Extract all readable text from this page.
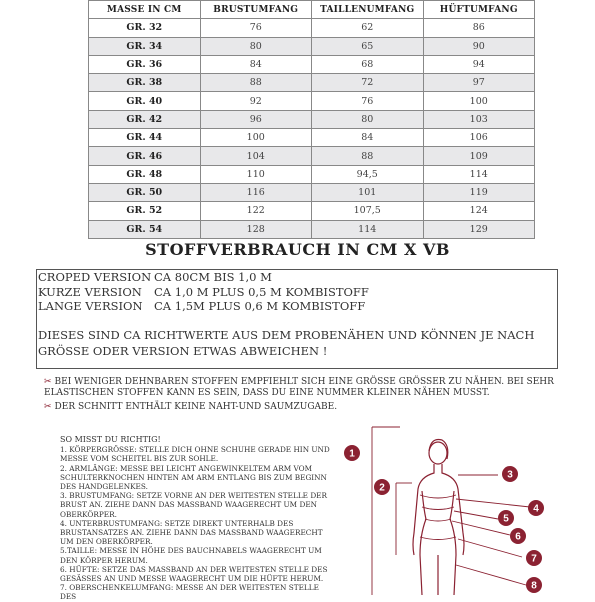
MASSE IN CM	BRUSTUMFANG	TAILLENUMFANG	HÜFTUMFANG
GR. 32	76	62	86
GR. 34	80	65	90
GR. 36	84	68	94
GR. 38	88	72	97
GR. 40	92	76	100
GR. 42	96	80	103
GR. 44	100	84	106
GR. 46	104	88	109
GR. 48	110	94,5	114
GR. 50	116	101	119
GR. 52	122	107,5	124
GR. 54	128	114	129
STOFFVERBRAUCH IN CM X VB
CROPED VERSION CA 80CM BIS 1,0 M
KURZE VERSION CA 1,0 M PLUS 0,5 M KOMBISTOFF
LANGE VERSION CA 1,5M PLUS 0,6 M KOMBISTOFF
DIESES SIND CA RICHTWERTE AUS DEM PROBENÄHEN UND KÖNNEN JE NACH GRÖSSE ODER VERSION ETWAS ABWEICHEN !
✂ BEI WENIGER DEHNBAREN STOFFEN EMPFIEHLT SICH EINE GRÖSSE GRÖSSER ZU NÄHEN. BEI SEHR ELASTISCHEN STOFFEN KANN ES SEIN, DASS DU EINE NUMMER KLEINER NÄHEN MUSST.
✂ DER SCHNITT ENTHÄLT KEINE NAHT-UND SAUMZUGABE.
SO MISST DU RICHTIG!
1. KÖRPERGRÖSSE: STELLE DICH OHNE SCHUHE GERADE HIN UND MESSE VOM SCHEITEL BIS ZUR SOHLE.
2. ARMLÄNGE: MESSE BEI LEICHT ANGEWINKELTEM ARM VOM SCHULTERKNOCHEN HINTEN AM ARM ENTLANG BIS ZUM BEGINN DES HANDGELENKES.
3. BRUSTUMFANG: SETZE VORNE AN DER WEITESTEN STELLE DER BRUST AN. ZIEHE DANN DAS MASSBAND WAAGERECHT UM DEN OBERKÖRPER.
4. UNTERBRUSTUMFANG: SETZE DIREKT UNTERHALB DES BRUSTANSATZES AN. ZIEHE DANN DAS MASSBAND WAAGERECHT UM DEN OBERKÖRPER.
5.TAILLE: MESSE IN HÖHE DES BAUCHNABELS WAAGERECHT UM DEN KÖRPER HERUM.
6. HÜFTE: SETZE DAS MASSBAND AN DER WEITESTEN STELLE DES GESÄSSES AN UND MESSE WAAGERECHT UM DIE HÜFTE HERUM.
7. OBERSCHENKELUMFANG: MESSE AN DER WEITESTEN STELLE DES
1
2
3
4
5
6
7
8
